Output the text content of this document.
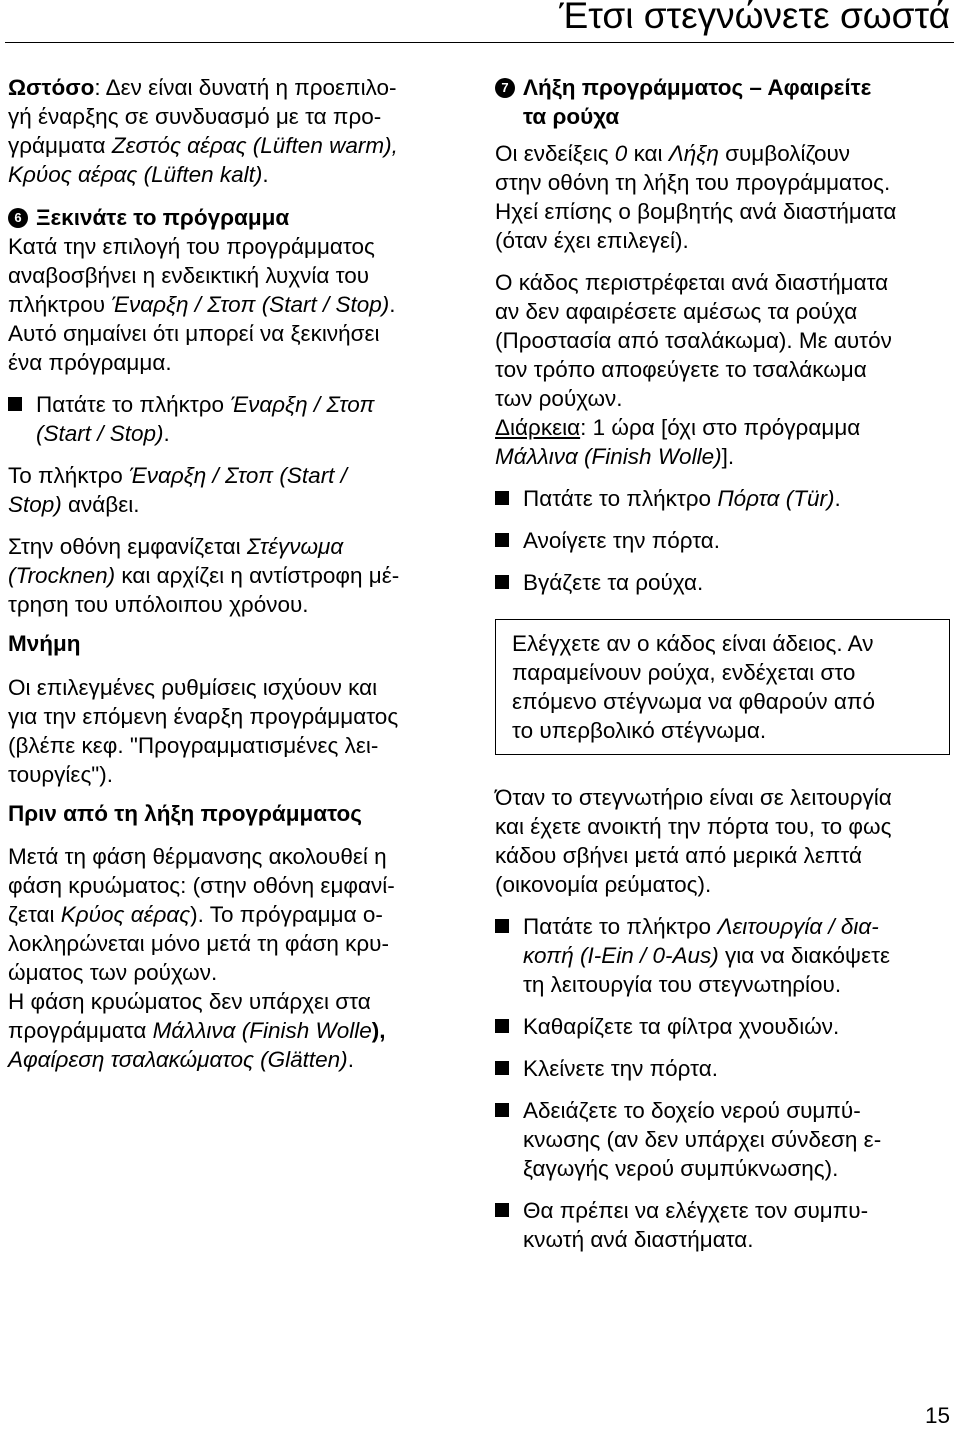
Έτσι στεγνώνετε σωστά

Ωστόσο: Δεν είναι δυνατή η προεπιλο-
γή έναρξης σε συνδυασμό με τα προ-
γράμματα Ζεστός αέρας (Lüften warm),
Κρύος αέρας (Lüften kalt).

6 Ξεκινάτε το πρόγραμμα

Κατά την επιλογή του προγράμματος
αναβοσβήνει η ενδεικτική λυχνία του
πλήκτρου Έναρξη / Στοπ (Start / Stop).
Αυτό σημαίνει ότι μπορεί να ξεκινήσει
ένα πρόγραμμα.

Πατάτε το πλήκτρο Έναρξη / Στοπ
(Start / Stop).

Το πλήκτρο Έναρξη / Στοπ (Start /
Stop) ανάβει.

Στην οθόνη εμφανίζεται Στέγνωμα
(Trocknen) και αρχίζει η αντίστροφη μέ-
τρηση του υπόλοιπου χρόνου.

Μνήμη

Οι επιλεγμένες ρυθμίσεις ισχύουν και
για την επόμενη έναρξη προγράμματος
(βλέπε κεφ. "Προγραμματισμένες λει-
τουργίες").

Πριν από τη λήξη προγράμματος

Μετά τη φάση θέρμανσης ακολουθεί η
φάση κρυώματος: (στην οθόνη εμφανί-
ζεται Κρύος αέρας). Το πρόγραμμα ο-
λοκληρώνεται μόνο μετά τη φάση κρυ-
ώματος των ρούχων.
Η φάση κρυώματος δεν υπάρχει στα
προγράμματα Μάλλινα (Finish Wolle),
Αφαίρεση τσαλακώματος (Glätten).

7 Λήξη προγράμματος – Αφαιρείτε
τα ρούχα

Οι ενδείξεις 0 και Λήξη συμβολίζουν
στην οθόνη τη λήξη του προγράμματος.
Ηχεί επίσης ο βομβητής ανά διαστήματα
(όταν έχει επιλεγεί).

Ο κάδος περιστρέφεται ανά διαστήματα
αν δεν αφαιρέσετε αμέσως τα ρούχα
(Προστασία από τσαλάκωμα). Με αυτόν
τον τρόπο αποφεύγετε το τσαλάκωμα
των ρούχων.
Διάρκεια: 1 ώρα [όχι στο πρόγραμμα
Μάλλινα (Finish Wolle)].

Πατάτε το πλήκτρο Πόρτα (Tür).

Ανοίγετε την πόρτα.

Βγάζετε τα ρούχα.

Ελέγχετε αν ο κάδος είναι άδειος. Αν
παραμείνουν ρούχα, ενδέχεται στο
επόμενο στέγνωμα να φθαρούν από
το υπερβολικό στέγνωμα.

Όταν το στεγνωτήριο είναι σε λειτουργία
και έχετε ανοικτή την πόρτα του, το φως
κάδου σβήνει μετά από μερικά λεπτά
(οικονομία ρεύματος).

Πατάτε το πλήκτρο Λειτουργία / δια-
κοπή (I-Ein / 0-Aus) για να διακόψετε
τη λειτουργία του στεγνωτηρίου.

Καθαρίζετε τα φίλτρα χνουδιών.

Κλείνετε την πόρτα.

Αδειάζετε το δοχείο νερού συμπύ-
κνωσης (αν δεν υπάρχει σύνδεση ε-
ξαγωγής νερού συμπύκνωσης).

Θα πρέπει να ελέγχετε τον συμπυ-
κνωτή ανά διαστήματα.

15
